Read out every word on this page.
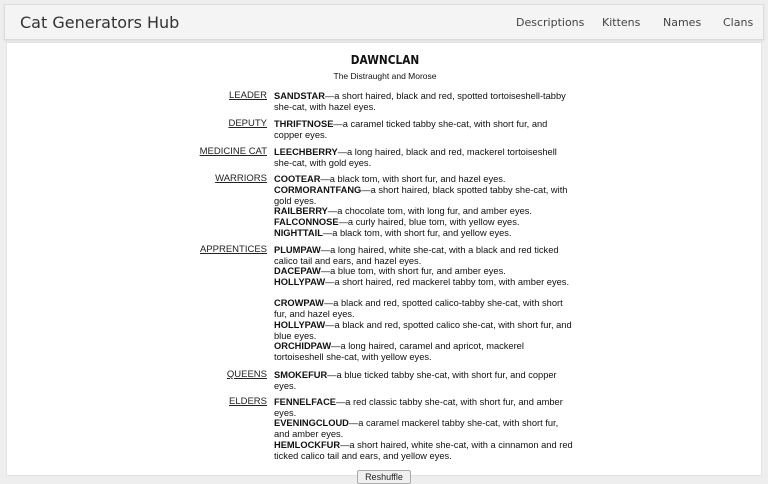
Cat Generators Hub	Descriptions Kittens Names Clans
DAWNCLAN
The Distraught and Morose
LEADER SANDSTAR—a short haired, black and red, spotted tortoiseshell-tabby she-cat, with hazel eyes.
DEPUTY THRIFTNOSE—a caramel ticked tabby she-cat, with short fur, and copper eyes.
MEDICINE CAT LEECHBERRY—a long haired, black and red, mackerel tortoiseshell she-cat, with gold eyes.
WARRIORS COOTEAR—a black tom, with short fur, and hazel eyes.
CORMORANTFANG—a short haired, black spotted tabby she-cat, with gold eyes.
RAILBERRY—a chocolate tom, with long fur, and amber eyes.
FALCONNOSE—a curly haired, blue tom, with yellow eyes.
NIGHTTAIL—a black tom, with short fur, and yellow eyes.
APPRENTICES PLUMPAW—a long haired, white she-cat, with a black and red ticked calico tail and ears, and hazel eyes.
DACEPAW—a blue tom, with short fur, and amber eyes.
HOLLYPAW—a short haired, red mackerel tabby tom, with amber eyes.
CROWPAW—a black and red, spotted calico-tabby she-cat, with short fur, and hazel eyes.
HOLLYPAW—a black and red, spotted calico she-cat, with short fur, and blue eyes.
ORCHIDPAW—a long haired, caramel and apricot, mackerel tortoiseshell she-cat, with yellow eyes.
QUEENS SMOKEFUR—a blue ticked tabby she-cat, with short fur, and copper eyes.
ELDERS FENNELFACE—a red classic tabby she-cat, with short fur, and amber eyes.
EVENINGCLOUD—a caramel mackerel tabby she-cat, with short fur, and amber eyes.
HEMLOCKFUR—a short haired, white she-cat, with a cinnamon and red ticked calico tail and ears, and yellow eyes.
Reshuffle
